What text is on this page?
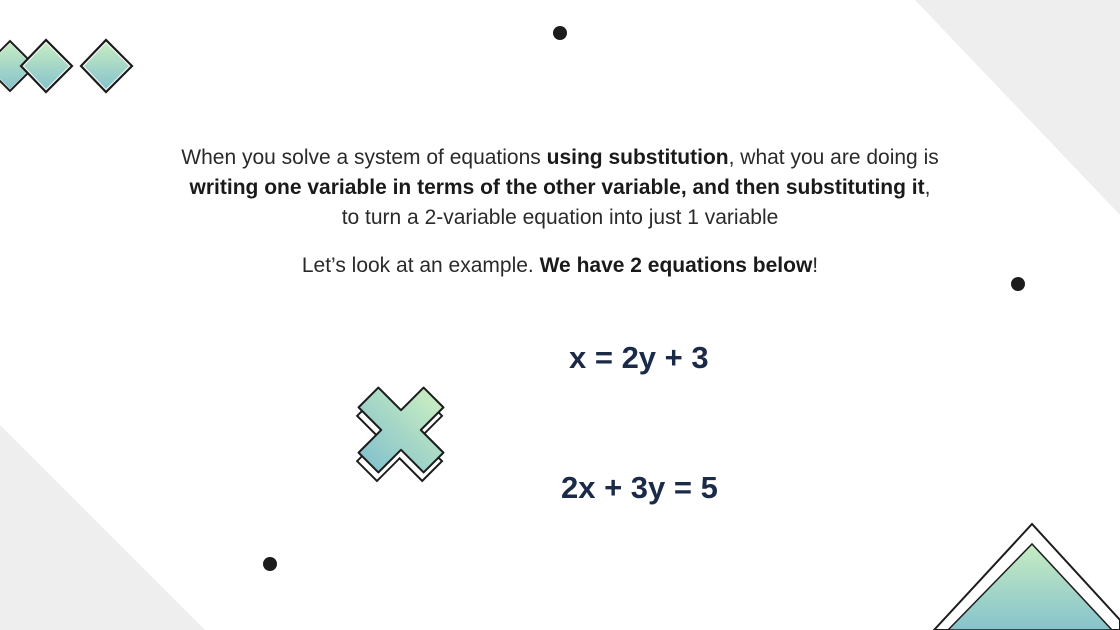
When you solve a system of equations using substitution, what you are doing is writing one variable in terms of the other variable, and then substituting it, to turn a 2-variable equation into just 1 variable

Let’s look at an example. We have 2 equations below!

x = 2y + 3
2x + 3y = 5
